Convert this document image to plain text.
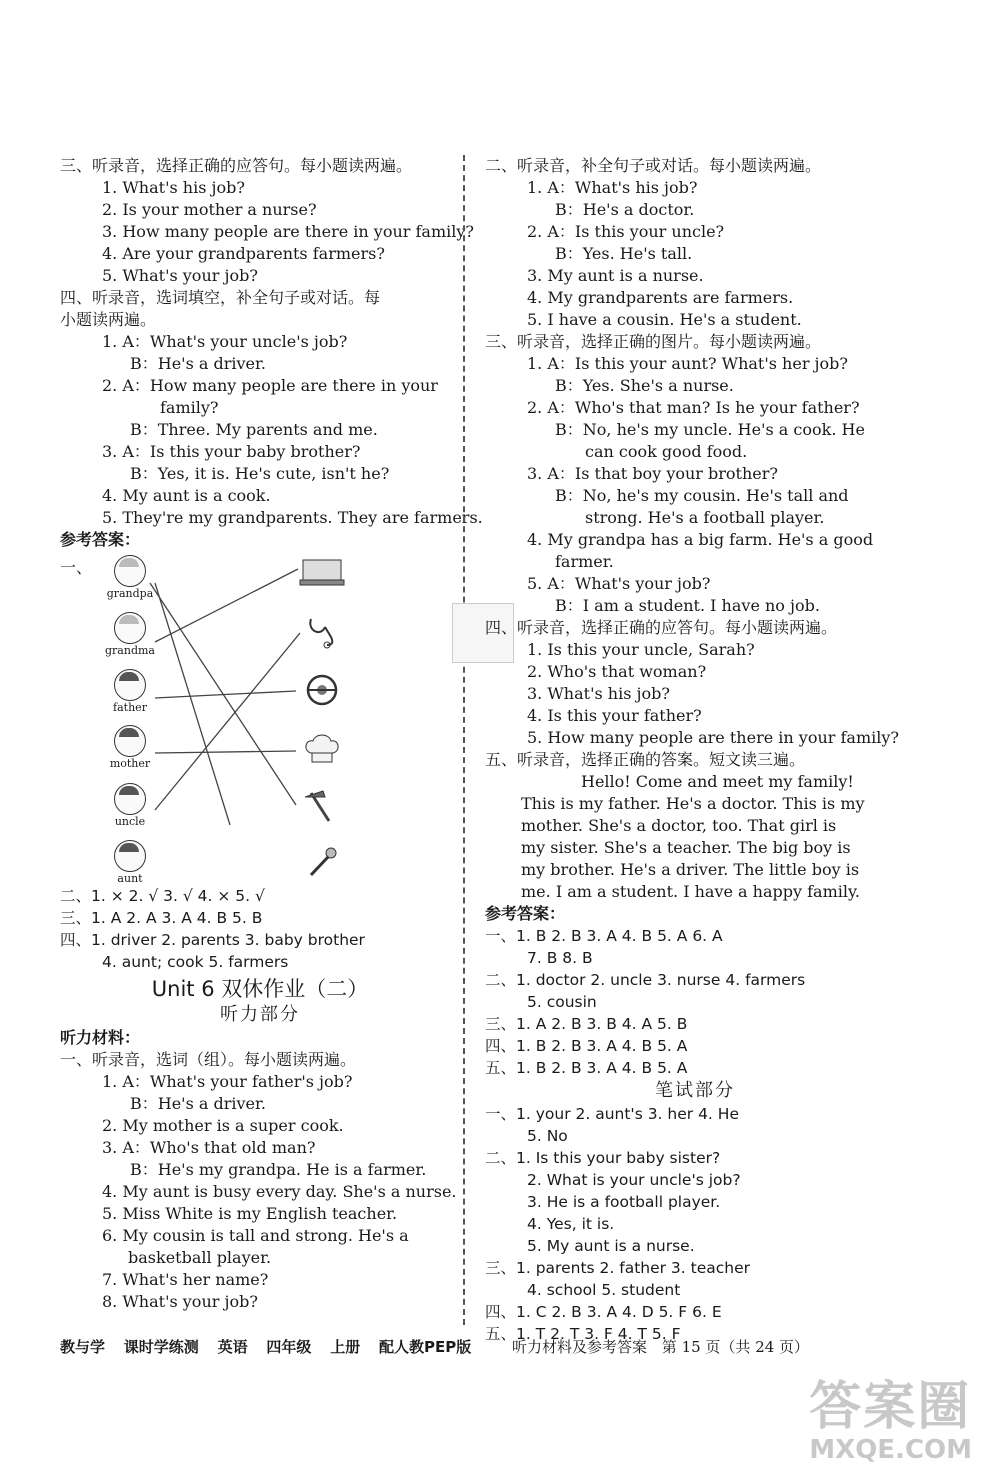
三、听录音，选择正确的应答句。每小题读两遍。
1. What's his job?
2. Is your mother a nurse?
3. How many people are there in your family?
4. Are your grandparents farmers?
5. What's your job?
四、听录音，选词填空，补全句子或对话。每
小题读两遍。
1. A：What's your uncle's job?
B：He's a driver.
2. A：How many people are there in your
family?
B：Three. My parents and me.
3. A：Is this your baby brother?
B：Yes, it is. He's cute, isn't he?
4. My aunt is a cook.
5. They're my grandparents. They are farmers.
参考答案：
一、
grandpa
grandma
father
mother
uncle
aunt
二、1. × 2. √ 3. √ 4. × 5. √
三、1. A 2. A 3. A 4. B 5. B
四、1. driver 2. parents 3. baby brother
4. aunt; cook 5. farmers
Unit 6 双休作业（二）
听力部分
听力材料：
一、听录音，选词（组）。每小题读两遍。
1. A：What's your father's job?
B：He's a driver.
2. My mother is a super cook.
3. A：Who's that old man?
B：He's my grandpa. He is a farmer.
4. My aunt is busy every day. She's a nurse.
5. Miss White is my English teacher.
6. My cousin is tall and strong. He's a
basketball player.
7. What's her name?
8. What's your job?
二、听录音，补全句子或对话。每小题读两遍。
1. A：What's his job?
B：He's a doctor.
2. A：Is this your uncle?
B：Yes. He's tall.
3. My aunt is a nurse.
4. My grandparents are farmers.
5. I have a cousin. He's a student.
三、听录音，选择正确的图片。每小题读两遍。
1. A：Is this your aunt? What's her job?
B：Yes. She's a nurse.
2. A：Who's that man? Is he your father?
B：No, he's my uncle. He's a cook. He
can cook good food.
3. A：Is that boy your brother?
B：No, he's my cousin. He's tall and
strong. He's a football player.
4. My grandpa has a big farm. He's a good
farmer.
5. A：What's your job?
B：I am a student. I have no job.
四、听录音，选择正确的应答句。每小题读两遍。
1. Is this your uncle, Sarah?
2. Who's that woman?
3. What's his job?
4. Is this your father?
5. How many people are there in your family?
五、听录音，选择正确的答案。短文读三遍。
Hello! Come and meet my family! This is my father. He's a doctor. This is my mother. She's a doctor, too. That girl is my sister. She's a teacher. The big boy is my brother. He's a driver. The little boy is me. I am a student. I have a happy family.
参考答案：
一、1. B 2. B 3. A 4. B 5. A 6. A
7. B 8. B
二、1. doctor 2. uncle 3. nurse 4. farmers
5. cousin
三、1. A 2. B 3. B 4. A 5. B
四、1. B 2. B 3. A 4. B 5. A
五、1. B 2. B 3. A 4. B 5. A
笔试部分
一、1. your 2. aunt's 3. her 4. He
5. No
二、1. Is this your baby sister?
2. What is your uncle's job?
3. He is a football player.
4. Yes, it is.
5. My aunt is a nurse.
三、1. parents 2. father 3. teacher
4. school 5. student
四、1. C 2. B 3. A 4. D 5. F 6. E
五、1. T 2. T 3. F 4. T 5. F
教与学 课时学练测 英语 四年级 上册 配人教PEP版	听力材料及参考答案 第 15 页（共 24 页）
答案圈
MXQE.COM
